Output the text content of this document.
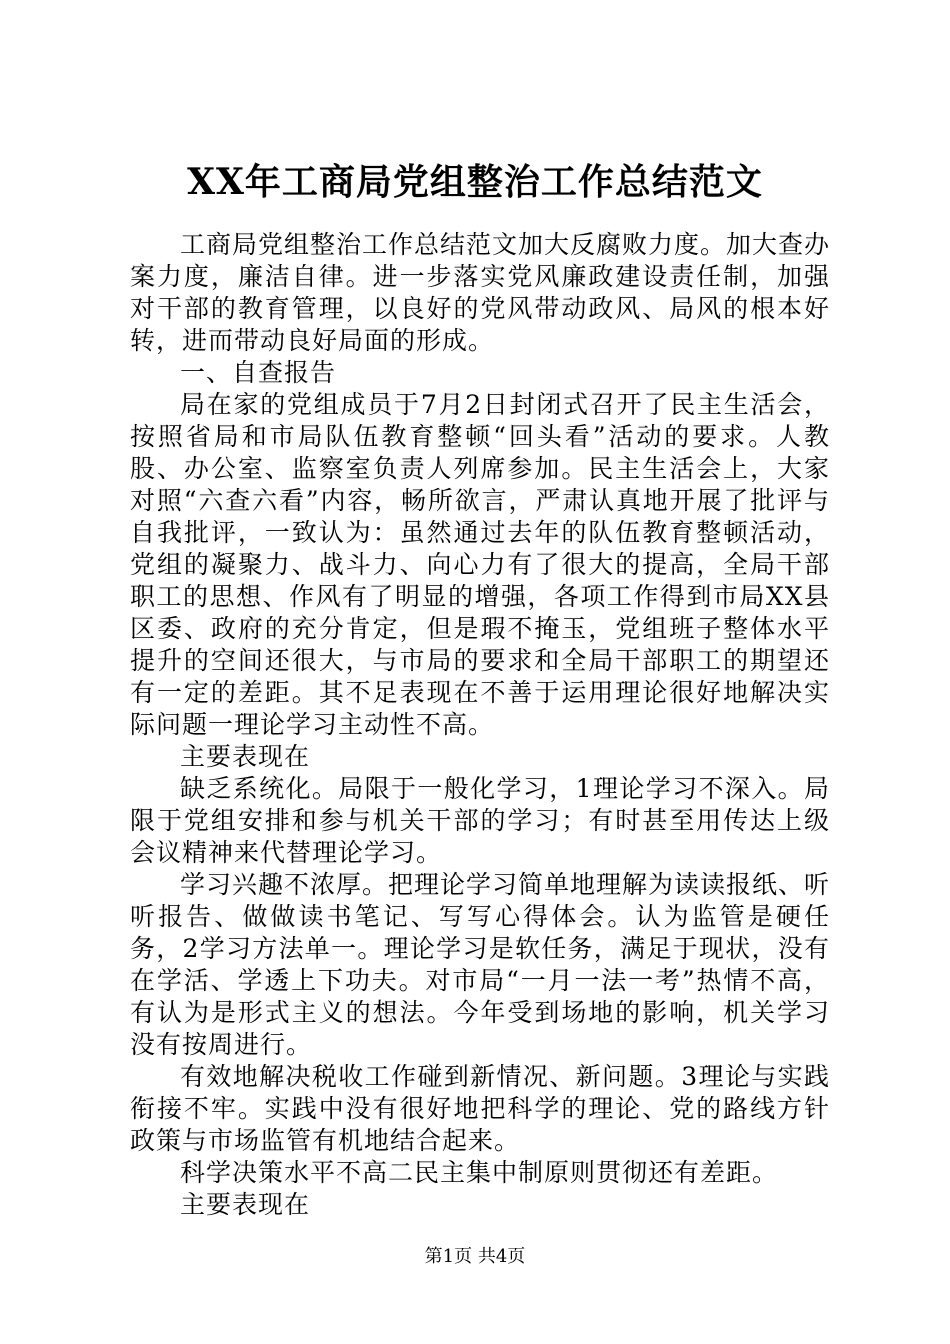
XX年工商局党组整治工作总结范文

工商局党组整治工作总结范文加大反腐败力度。加大查办案力度，廉洁自律。进一步落实党风廉政建设责任制，加强对干部的教育管理，以良好的党风带动政风、局风的根本好转，进而带动良好局面的形成。

一、自查报告

局在家的党组成员于7月2日封闭式召开了民主生活会，按照省局和市局队伍教育整顿“回头看”活动的要求。人教股、办公室、监察室负责人列席参加。民主生活会上，大家对照“六查六看”内容，畅所欲言，严肃认真地开展了批评与自我批评，一致认为：虽然通过去年的队伍教育整顿活动，党组的凝聚力、战斗力、向心力有了很大的提高，全局干部职工的思想、作风有了明显的增强，各项工作得到市局XX县区委、政府的充分肯定，但是瑕不掩玉，党组班子整体水平提升的空间还很大，与市局的要求和全局干部职工的期望还有一定的差距。其不足表现在不善于运用理论很好地解决实际问题一理论学习主动性不高。

主要表现在

缺乏系统化。局限于一般化学习，1理论学习不深入。局限于党组安排和参与机关干部的学习；有时甚至用传达上级会议精神来代替理论学习。

学习兴趣不浓厚。把理论学习简单地理解为读读报纸、听听报告、做做读书笔记、写写心得体会。认为监管是硬任务，2学习方法单一。理论学习是软任务，满足于现状，没有在学活、学透上下功夫。对市局“一月一法一考”热情不高，有认为是形式主义的想法。今年受到场地的影响，机关学习没有按周进行。

有效地解决税收工作碰到新情况、新问题。3理论与实践衔接不牢。实践中没有很好地把科学的理论、党的路线方针政策与市场监管有机地结合起来。

科学决策水平不高二民主集中制原则贯彻还有差距。

主要表现在

第1页 共4页
